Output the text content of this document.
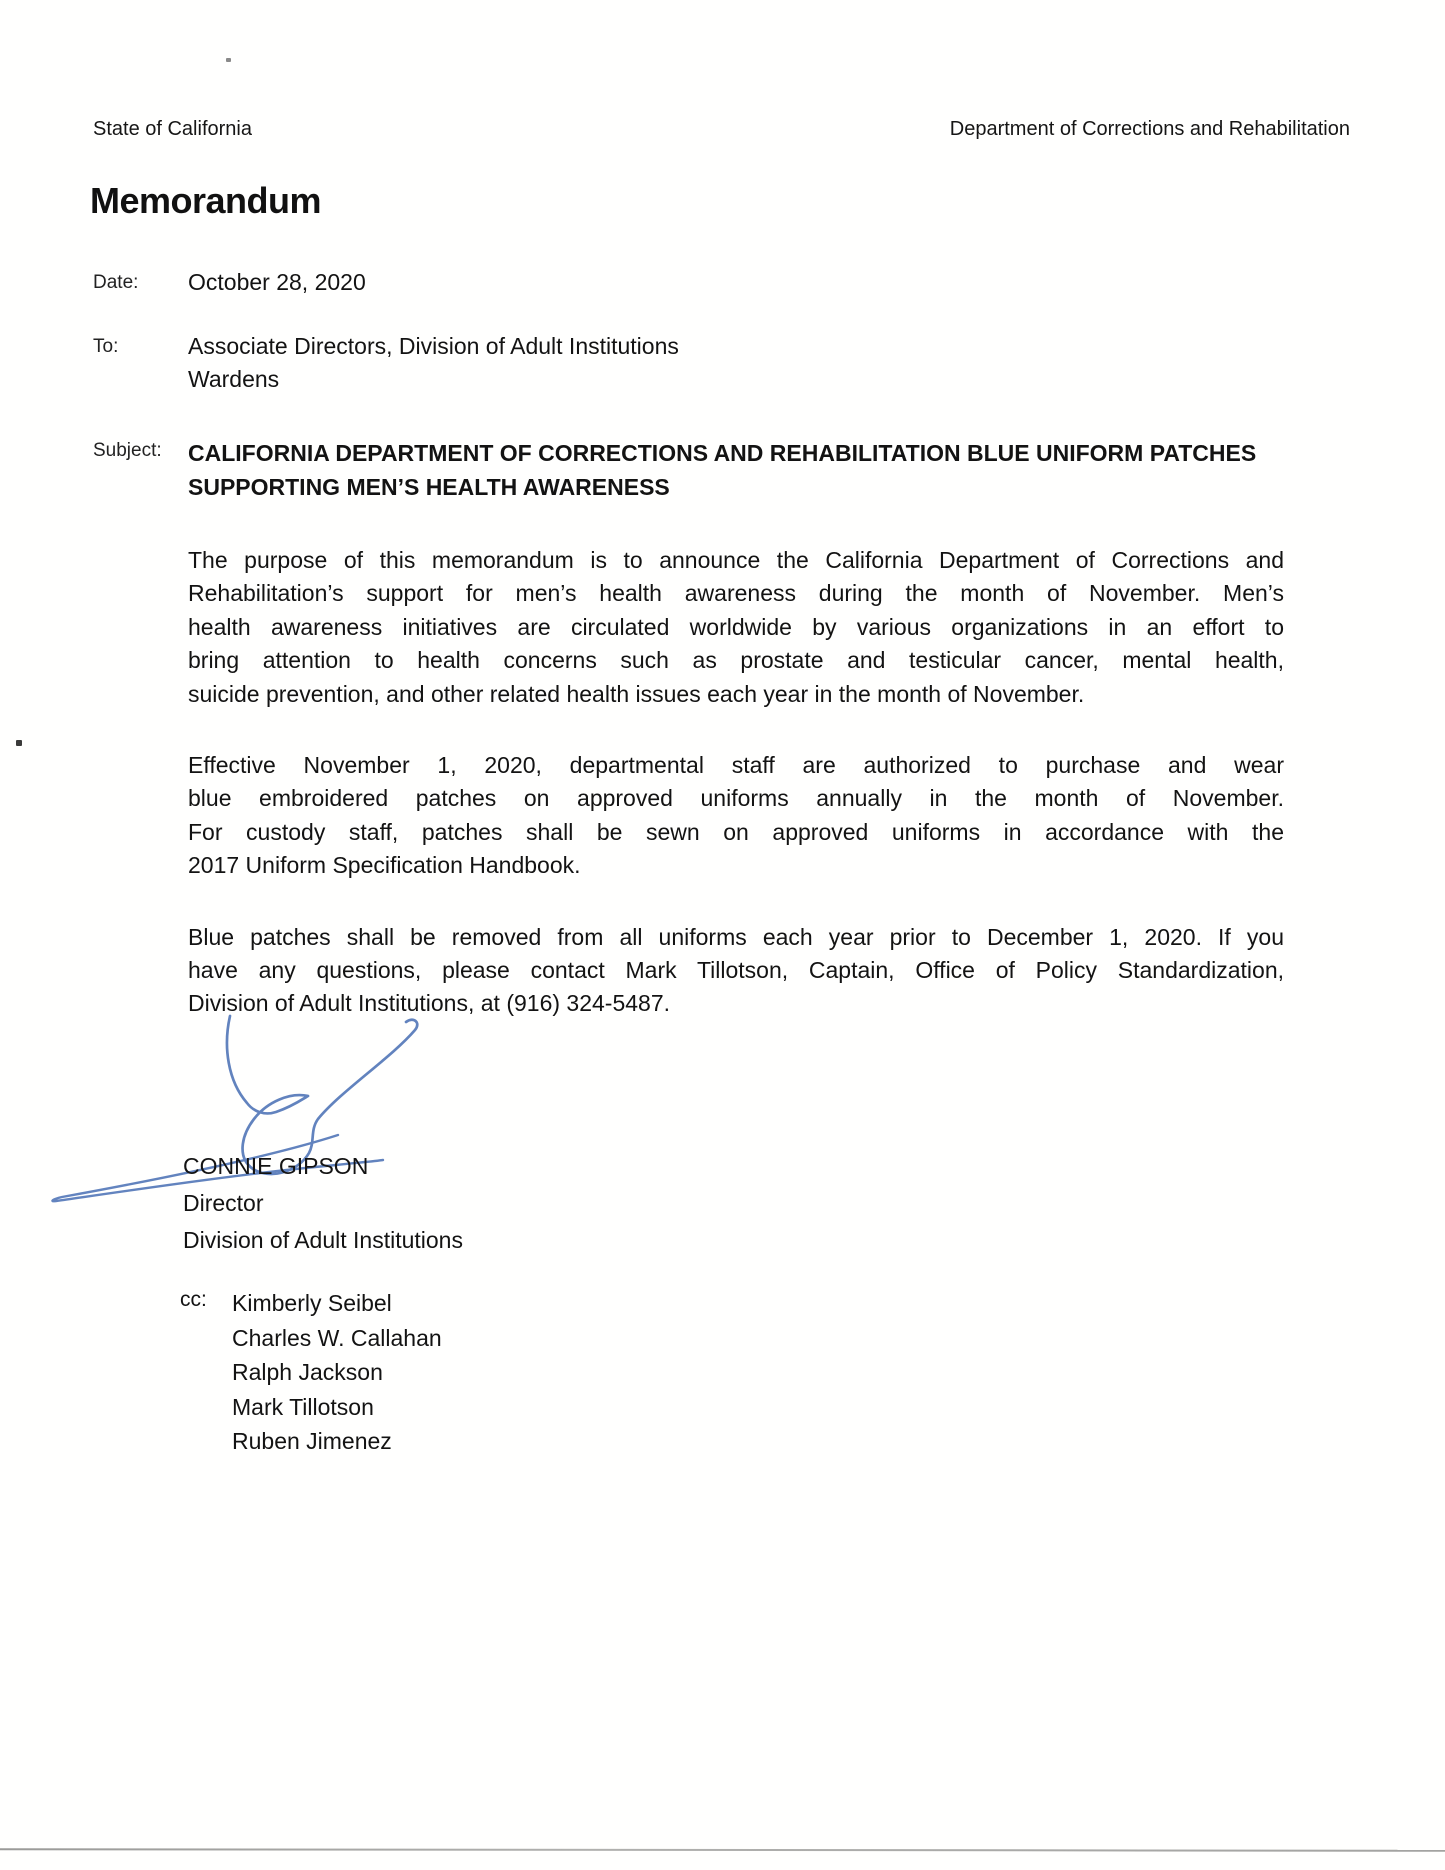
State of California	Department of Corrections and Rehabilitation
Memorandum
Date: October 28, 2020
To:	Associate Directors, Division of Adult Institutions
Wardens
Subject: CALIFORNIA DEPARTMENT OF CORRECTIONS AND REHABILITATION BLUE UNIFORM PATCHES
SUPPORTING MEN’S HEALTH AWARENESS
The purpose of this memorandum is to announce the California Department of Corrections and
Rehabilitation’s support for men’s health awareness during the month of November. Men’s
health awareness initiatives are circulated worldwide by various organizations in an effort to
bring attention to health concerns such as prostate and testicular cancer, mental health,
suicide prevention, and other related health issues each year in the month of November.
Effective November 1, 2020, departmental staff are authorized to purchase and wear
blue embroidered patches on approved uniforms annually in the month of November.
For custody staff, patches shall be sewn on approved uniforms in accordance with the
2017 Uniform Specification Handbook.
Blue patches shall be removed from all uniforms each year prior to December 1, 2020. If you
have any questions, please contact Mark Tillotson, Captain, Office of Policy Standardization,
Division of Adult Institutions, at (916) 324-5487.
CONNIE GIPSON
Director
Division of Adult Institutions
cc:	Kimberly Seibel
Charles W. Callahan
Ralph Jackson
Mark Tillotson
Ruben Jimenez
